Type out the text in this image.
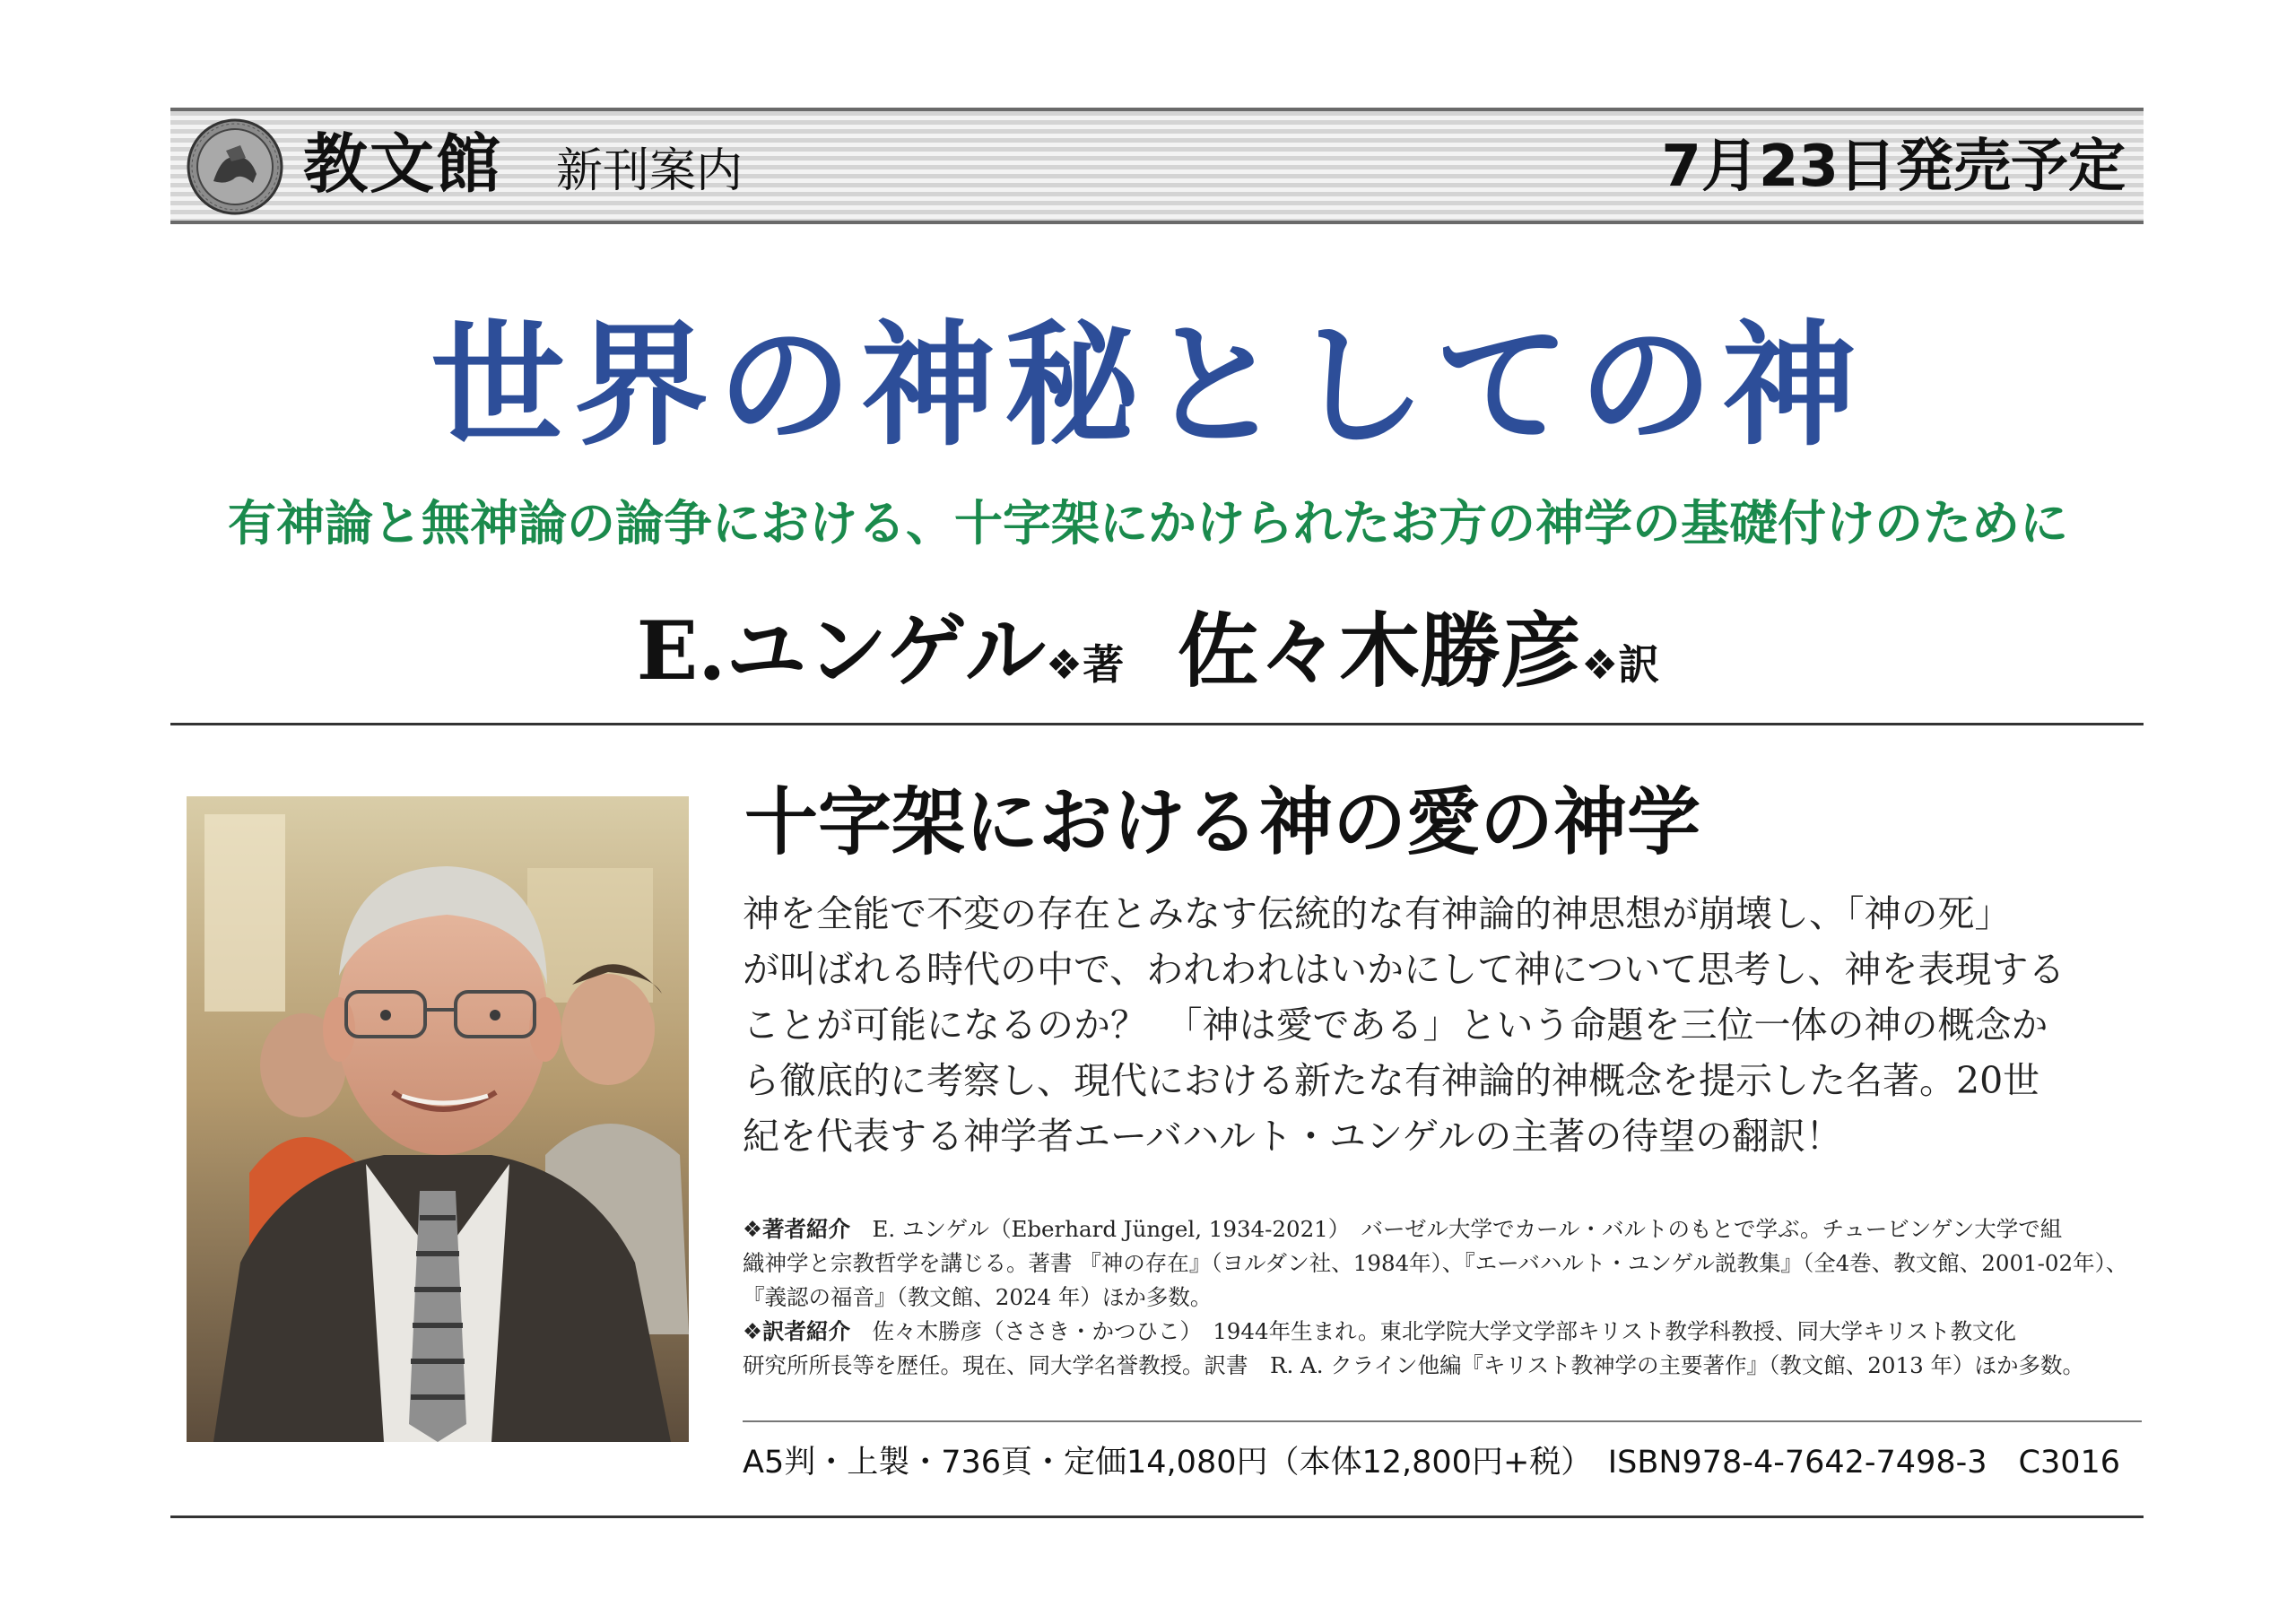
教文館 新刊案内	7月23日発売予定
世界の神秘としての神
有神論と無神論の論争における、十字架にかけられたお方の神学の基礎付けのために
E.ユンゲル❖著 佐々木勝彦❖訳
十字架における神の愛の神学
神を全能で不変の存在とみなす伝統的な有神論的神思想が崩壊し、「神の死」
が叫ばれる時代の中で、われわれはいかにして神について思考し、神を表現する
ことが可能になるのか？　「神は愛である」という命題を三位一体の神の概念か
ら徹底的に考察し、現代における新たな有神論的神概念を提示した名著。20世
紀を代表する神学者エーバハルト・ユンゲルの主著の待望の翻訳！
❖著者紹介　 E. ユンゲル（Eberhard Jüngel, 1934-2021）　バーゼル大学でカール・バルトのもとで学ぶ。チュービンゲン大学で組
織神学と宗教哲学を講じる。著書 『神の存在』（ヨルダン社、1984年）、『エーバハルト・ユンゲル説教集』（全4巻、教文館、2001-02年）、
『義認の福音』（教文館、2024 年）ほか多数。
❖訳者紹介　 佐々木勝彦（ささき・かつひこ）　1944年生まれ。東北学院大学文学部キリスト教学科教授、同大学キリスト教文化
研究所所長等を歴任。現在、同大学名誉教授。訳書　R. A. クライン他編『キリスト教神学の主要著作』（教文館、2013 年）ほか多数。
A5判・上製・736頁・定価14,080円（本体12,800円+税）　ISBN978-4-7642-7498-3　C3016
